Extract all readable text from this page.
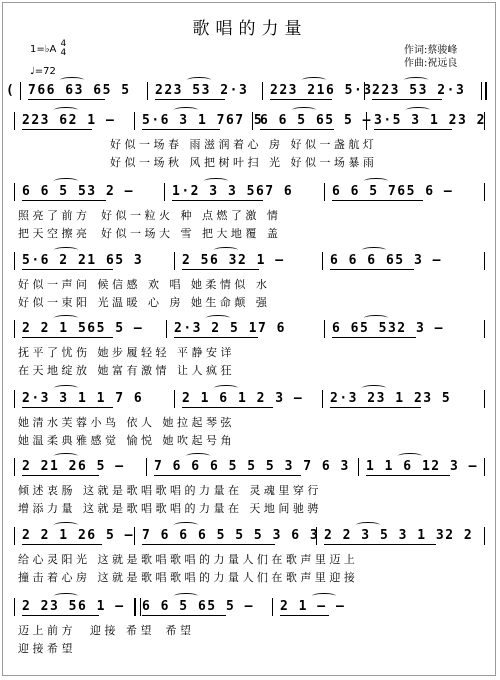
歌唱的力量
1=♭A 4
4
♩=72
作词:蔡骏峰
作曲:祝远良
( 766 63 65 5 223 53 2·3 223 216 5·3 223 53 2·3
223 62 1 – 5·6 3 1 767 5
6 6 5 65 5 – 3·5 3 1 23 2
好 似 一 场 春   雨 滋 润 着 心   房   好 似 一 盏 航 灯
好 似 一 场 秋   风 把 树 叶 扫   光   好 似 一 场 暴 雨
6 6 5 53 2 –	1·2 3 3 567 6	6 6 5 765 6 –
照 亮 了 前 方    好 似 一 粒 火   种   点 燃 了 激   情
把 天 空 擦 亮    好 似 一 场 大   雪   把 大 地 覆   盖
5·6 2 21 65 3	2 56 32 1 –	6 6 6 65 3 –
好 似 一 声 问   候 信 感   欢   唱   她 柔 情 似   水
好 似 一 束 阳   光 温 暖   心   房   她 生 命 颠   强
2 2 1 565 5 – 2·3 2 5 17 6	6 65 532 3 –
抚 平 了 忧 伤   她 步 履 轻 轻   平 静 安 详
在 天 地 绽 放   她 富 有 激 情   让 人 疯 狂
2·3 3 1 1 7 6	2 1 6 1 2 3 – 2·3 23 1 23 5
她 清 水 芙 蓉 小 鸟   依 人   她 拉 起 琴 弦
她 温 柔 典 雅 感 觉   愉 悦   她 吹 起 号 角
2 21 26 5 – 7 6 6 6 5 5 5 3 7 6 3 1 1 6 12 3 –
倾 述 衷 肠   这 就 是 歌 唱 歌 唱 的 力 量 在   灵 魂 里 穿 行
增 添 力 量   这 就 是 歌 唱 歌 唱 的 力 量 在   天 地 间 驰 骋
2 2 1 26 5 – 7 6 6 6 5 5 5 3 6 3 2 2 3 5 3 1 32 2
给 心 灵 阳 光   这 就 是 歌 唱 歌 唱 的 力 量 人 们 在 歌 声 里 迈 上
撞 击 着 心 房   这 就 是 歌 唱 歌 唱 的 力 量 人 们 在 歌 声 里 迎 接
2 23 56 1 – 6 6 5 65 5 – 2 1 – –
迈 上 前 方     迎 接   希 望    希 望
迎 接 希 望
